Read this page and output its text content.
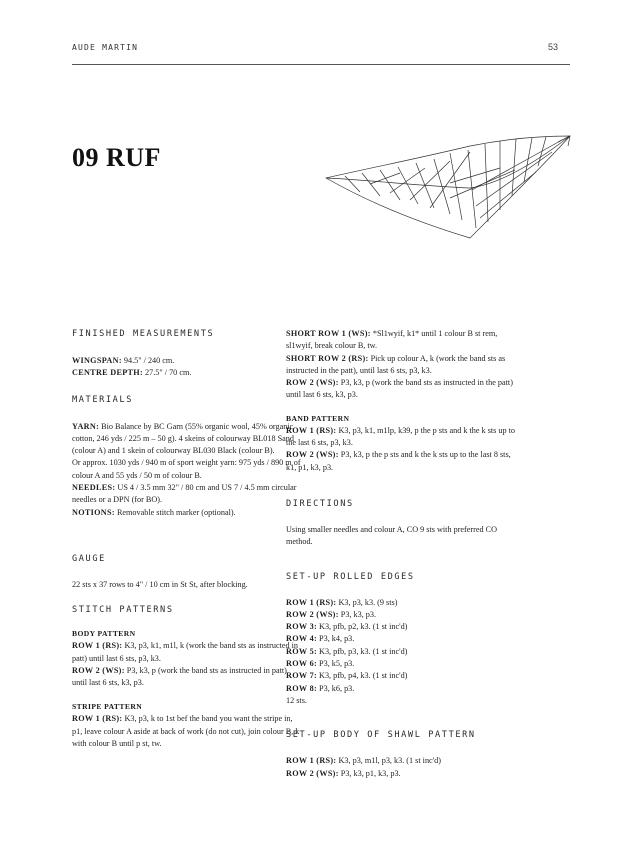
AUDE MARTIN	53
09 RUF
FINISHED MEASUREMENTS
WINGSPAN: 94.5" / 240 cm.
CENTRE DEPTH: 27.5" / 70 cm.
MATERIALS
YARN: Bio Balance by BC Garn (55% organic wool, 45% organic cotton, 246 yds / 225 m – 50 g). 4 skeins of colourway BL018 Sand (colour A) and 1 skein of colourway BL030 Black (colour B).
Or approx. 1030 yds / 940 m of sport weight yarn: 975 yds / 890 m of colour A and 55 yds / 50 m of colour B.
NEEDLES: US 4 / 3.5 mm 32" / 80 cm and US 7 / 4.5 mm circular needles or a DPN (for BO).
NOTIONS: Removable stitch marker (optional).
GAUGE
22 sts x 37 rows to 4" / 10 cm in St St, after blocking.
STITCH PATTERNS
BODY PATTERN
ROW 1 (RS): K3, p3, k1, m1l, k (work the band sts as instructed in patt) until last 6 sts, p3, k3.
ROW 2 (WS): P3, k3, p (work the band sts as instructed in patt) until last 6 sts, k3, p3.
STRIPE PATTERN
ROW 1 (RS): K3, p3, k to 1st bef the band you want the stripe in, p1, leave colour A aside at back of work (do not cut), join colour B, k with colour B until p st, tw.
SHORT ROW 1 (WS): *Sl1wyif, k1* until 1 colour B st rem, sl1wyif, break colour B, tw.
SHORT ROW 2 (RS): Pick up colour A, k (work the band sts as instructed in the patt), until last 6 sts, p3, k3.
ROW 2 (WS): P3, k3, p (work the band sts as instructed in the patt) until last 6 sts, k3, p3.
BAND PATTERN
ROW 1 (RS): K3, p3, k1, m1lp, k39, p the p sts and k the k sts up to the last 6 sts, p3, k3.
ROW 2 (WS): P3, k3, p the p sts and k the k sts up to the last 8 sts, k1, p1, k3, p3.
DIRECTIONS
Using smaller needles and colour A, CO 9 sts with preferred CO method.
SET-UP ROLLED EDGES
ROW 1 (RS): K3, p3, k3. (9 sts)
ROW 2 (WS): P3, k3, p3.
ROW 3: K3, pfb, p2, k3. (1 st inc'd)
ROW 4: P3, k4, p3.
ROW 5: K3, pfb, p3, k3. (1 st inc'd)
ROW 6: P3, k5, p3.
ROW 7: K3, pfb, p4, k3. (1 st inc'd)
ROW 8: P3, k6, p3.
12 sts.
SET-UP BODY OF SHAWL PATTERN
ROW 1 (RS): K3, p3, m1l, p3, k3. (1 st inc'd)
ROW 2 (WS): P3, k3, p1, k3, p3.
